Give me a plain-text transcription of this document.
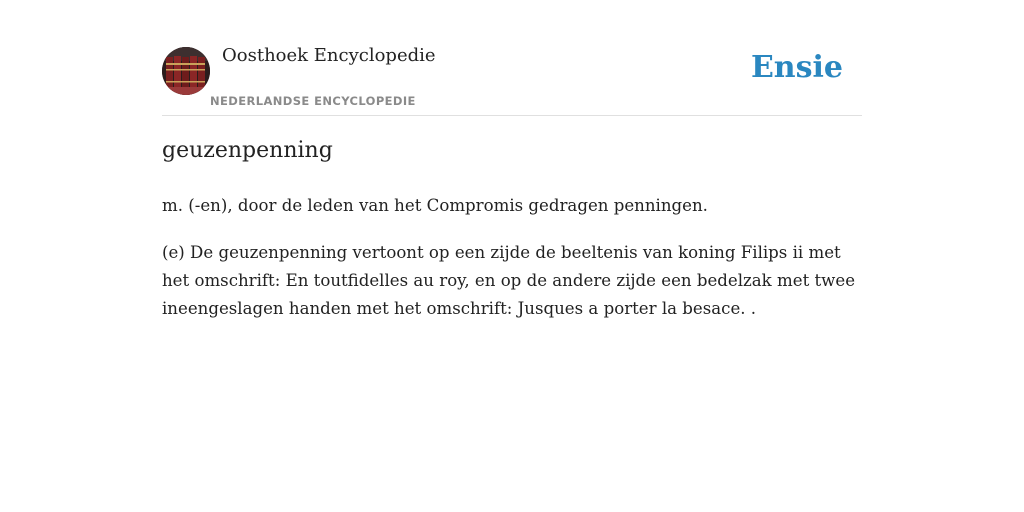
Oosthoek Encyclopedie
NEDERLANDSE ENCYCLOPEDIE
Ensie
geuzenpenning

m. (-en), door de leden van het Compromis gedragen penningen.

(e) De geuzenpenning vertoont op een zijde de beeltenis van koning Filips ii met het omschrift: En toutfidelles au roy, en op de andere zijde een bedelzak met twee ineengeslagen handen met het omschrift: Jusques a porter la besace. .
